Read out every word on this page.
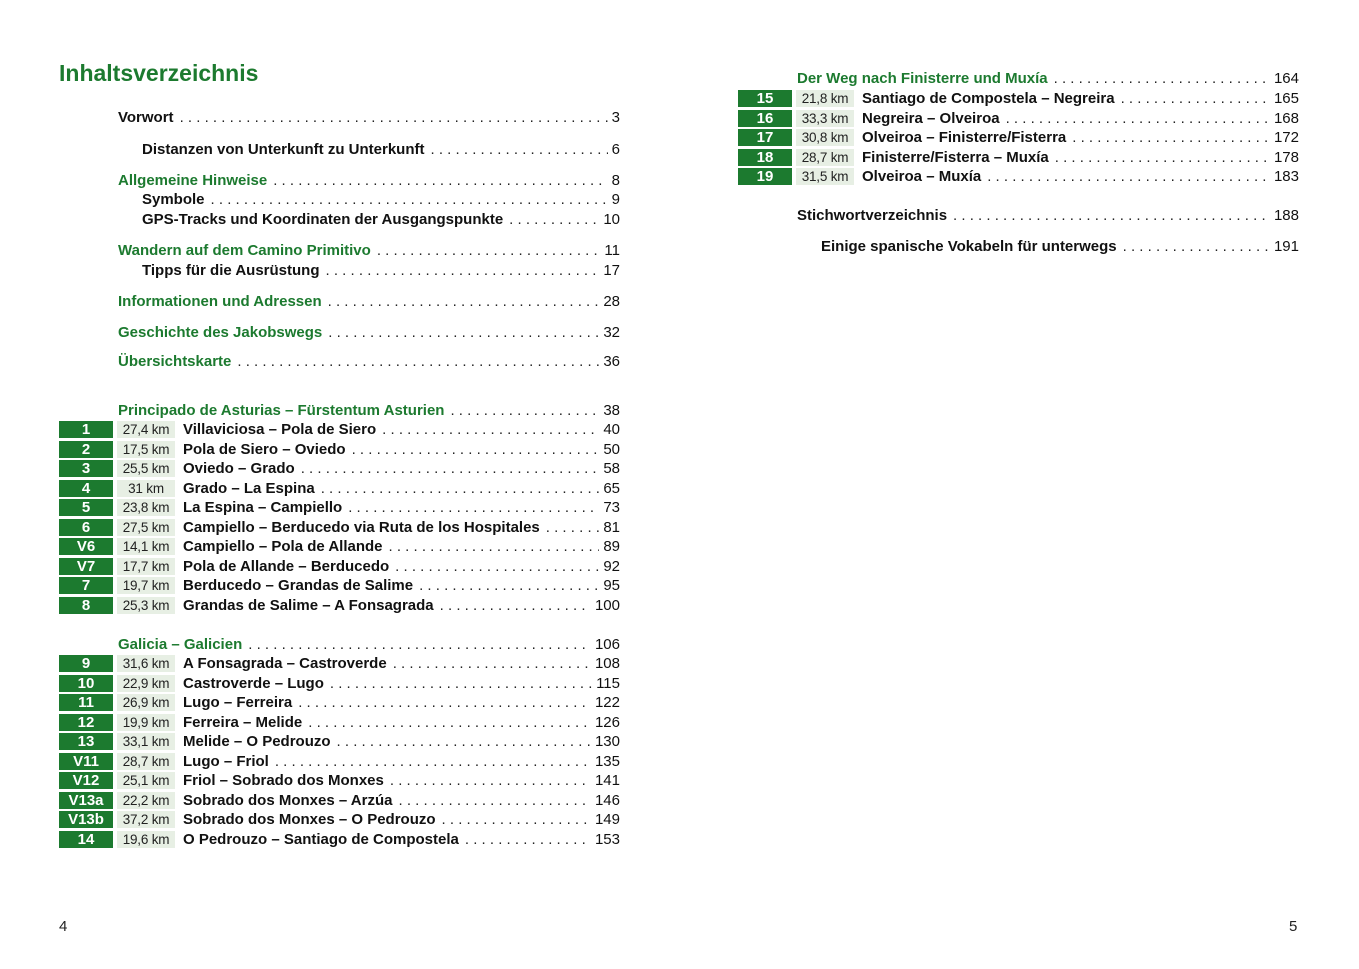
Inhaltsverzeichnis
Vorwort . . .	3
Distanzen von Unterkunft zu Unterkunft . . .	6
Allgemeine Hinweise . . .	8
Symbole . . .	9
GPS-Tracks und Koordinaten der Ausgangspunkte . . .	10
Wandern auf dem Camino Primitivo . . .	11
Tipps für die Ausrüstung . . .	17
Informationen und Adressen . . .	28
Geschichte des Jakobswegs . . .	32
Übersichtskarte . . .	36
Principado de Asturias – Fürstentum Asturien . . .	38
Galicia – Galicien . . .	106
Der Weg nach Finisterre und Muxía . . .	164
Stichwortverzeichnis . . .	188
Einige spanische Vokabeln für unterwegs . . .	191
1	27,4 km Villaviciosa – Pola de Siero . . .	40
2	17,5 km Pola de Siero – Oviedo . . .	50
3	25,5 km Oviedo – Grado . . .	58
4	31 km	Grado – La Espina . . .	65
5	23,8 km La Espina – Campiello . . .	73
6	27,5 km Campiello – Berducedo via Ruta de los Hospitales . . .	81
V6	14,1 km Campiello – Pola de Allande . . .	89
V7	17,7 km Pola de Allande – Berducedo . . .	92
7	19,7 km Berducedo – Grandas de Salime . . .	95
8	25,3 km Grandas de Salime – A Fonsagrada . . .	100
9	31,6 km A Fonsagrada – Castroverde . . .	108
10	22,9 km Castroverde – Lugo . . .	115
11	26,9 km Lugo – Ferreira . . .	122
12	19,9 km Ferreira – Melide . . .	126
13	33,1 km Melide – O Pedrouzo . . .	130
V11	28,7 km Lugo – Friol . . .	135
V12	25,1 km Friol – Sobrado dos Monxes . . .	141
V13a	22,2 km Sobrado dos Monxes – Arzúa . . .	146
V13b	37,2 km Sobrado dos Monxes – O Pedrouzo . . .	149
14	19,6 km O Pedrouzo – Santiago de Compostela . . .	153
15	21,8 km Santiago de Compostela – Negreira . . .	165
16	33,3 km Negreira – Olveiroa . . .	168
17	30,8 km Olveiroa – Finisterre/Fisterra . . .	172
18	28,7 km Finisterre/Fisterra – Muxía . . .	178
19	31,5 km Olveiroa – Muxía . . .	183
4	5
